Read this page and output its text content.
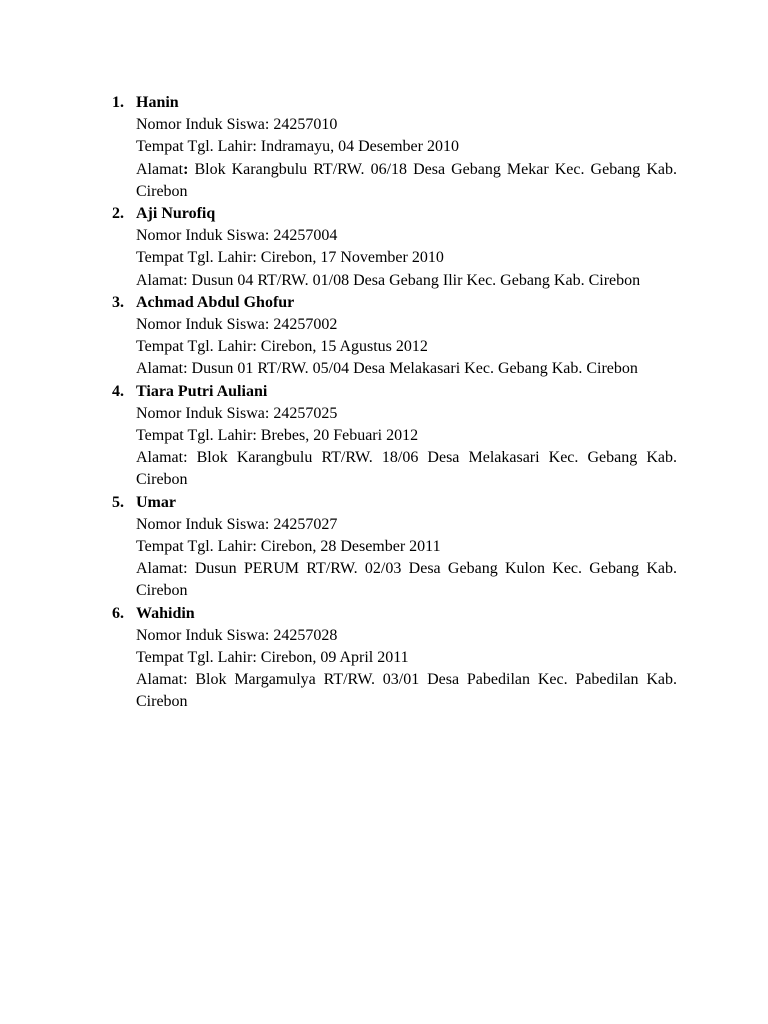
1. Hanin
Nomor Induk Siswa: 24257010
Tempat Tgl. Lahir: Indramayu, 04 Desember 2010
Alamat: Blok Karangbulu RT/RW. 06/18 Desa Gebang Mekar Kec. Gebang Kab. Cirebon
2. Aji Nurofiq
Nomor Induk Siswa: 24257004
Tempat Tgl. Lahir: Cirebon, 17 November 2010
Alamat: Dusun 04 RT/RW. 01/08 Desa Gebang Ilir Kec. Gebang Kab. Cirebon
3. Achmad Abdul Ghofur
Nomor Induk Siswa: 24257002
Tempat Tgl. Lahir: Cirebon, 15 Agustus 2012
Alamat: Dusun 01 RT/RW. 05/04 Desa Melakasari Kec. Gebang Kab. Cirebon
4. Tiara Putri Auliani
Nomor Induk Siswa: 24257025
Tempat Tgl. Lahir: Brebes, 20 Febuari 2012
Alamat: Blok Karangbulu RT/RW. 18/06 Desa Melakasari Kec. Gebang Kab. Cirebon
5. Umar
Nomor Induk Siswa: 24257027
Tempat Tgl. Lahir: Cirebon, 28 Desember 2011
Alamat: Dusun PERUM RT/RW. 02/03 Desa Gebang Kulon Kec. Gebang Kab. Cirebon
6. Wahidin
Nomor Induk Siswa: 24257028
Tempat Tgl. Lahir: Cirebon, 09 April 2011
Alamat: Blok Margamulya RT/RW. 03/01 Desa Pabedilan Kec. Pabedilan Kab. Cirebon
